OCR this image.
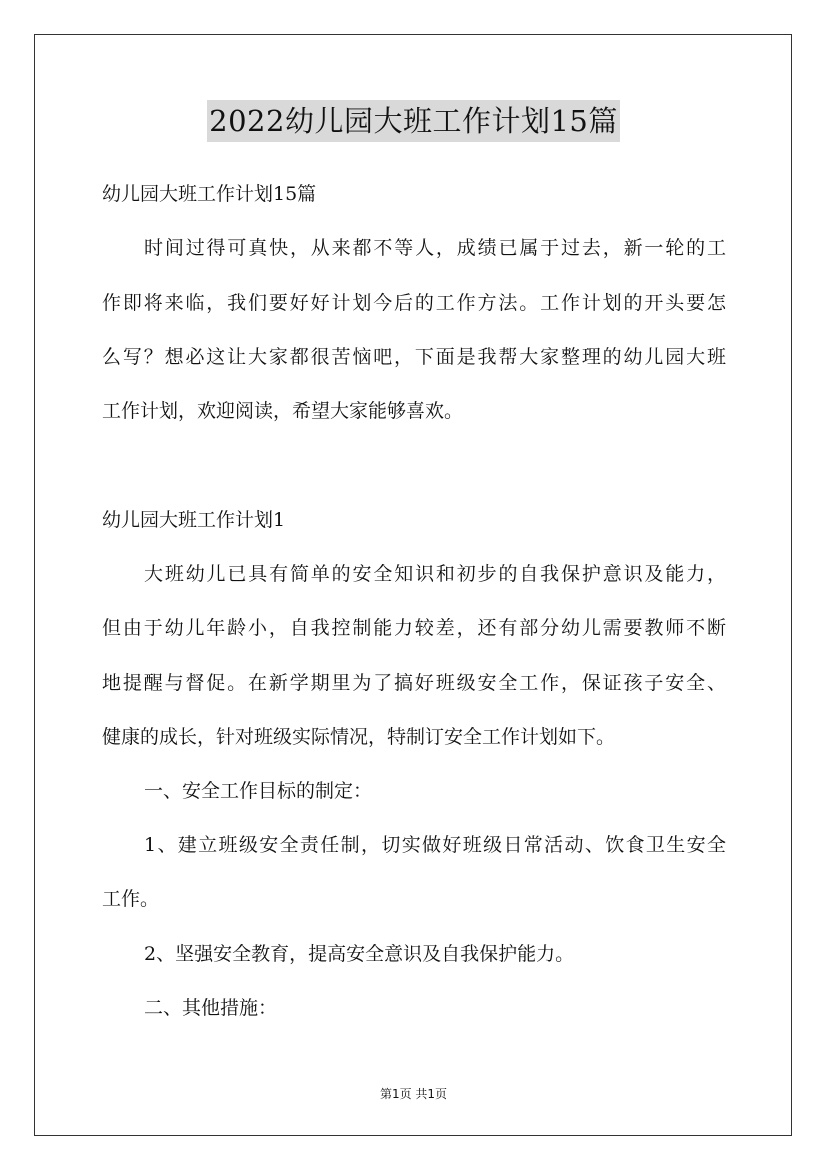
2022幼儿园大班工作计划15篇

幼儿园大班工作计划15篇

时间过得可真快，从来都不等人，成绩已属于过去，新一轮的工

作即将来临，我们要好好计划今后的工作方法。工作计划的开头要怎

么写？想必这让大家都很苦恼吧，下面是我帮大家整理的幼儿园大班

工作计划，欢迎阅读，希望大家能够喜欢。

幼儿园大班工作计划1

大班幼儿已具有简单的安全知识和初步的自我保护意识及能力，

但由于幼儿年龄小，自我控制能力较差，还有部分幼儿需要教师不断

地提醒与督促。在新学期里为了搞好班级安全工作，保证孩子安全、

健康的成长，针对班级实际情况，特制订安全工作计划如下。

一、安全工作目标的制定：

1、建立班级安全责任制，切实做好班级日常活动、饮食卫生安全

工作。

2、坚强安全教育，提高安全意识及自我保护能力。

二、其他措施：

第1页 共1页
